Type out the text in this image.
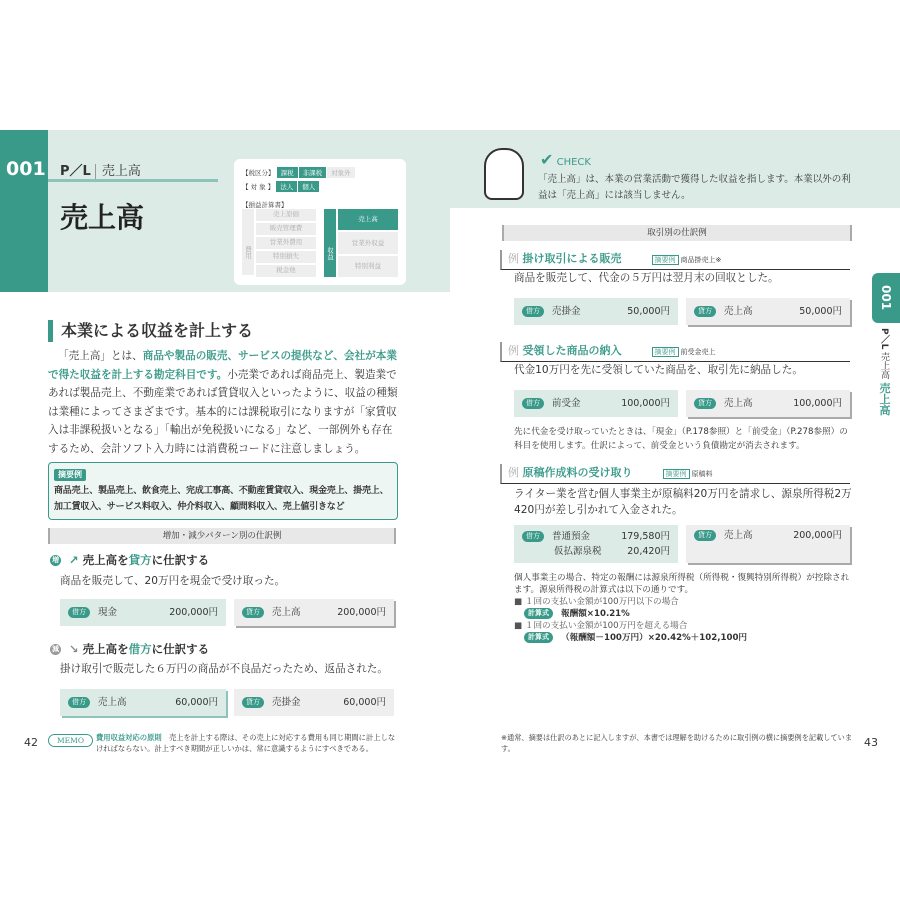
001 P／L 売上高
売上高
【税区分】 課税 非課税 対象外
【 対 象 】 法人 個人
【損益計算書】
費用
売上原価
販売管理費
営業外費用
特別損失
税金他
収益
売上高
営業外収益
特別利益
本業による収益を計上する
「売上高」とは、商品や製品の販売、サービスの提供など、会社が本業で得た収益を計上する勘定科目です。小売業であれば商品売上、製造業であれば製品売上、不動産業であれば賃貸収入といったように、収益の種類は業種によってさまざまです。基本的には課税取引になりますが「家賃収入は非課税扱いとなる」「輸出が免税扱いになる」など、一部例外も存在するため、会計ソフト入力時には消費税コードに注意しましょう。
摘要例
商品売上、製品売上、飲食売上、完成工事高、不動産賃貸収入、現金売上、掛売上、加工賃収入、サービス料収入、仲介料収入、顧問料収入、売上値引きなど
増加・減少パターン別の仕訳例
増 ↗ 売上高を貸方に仕訳する
商品を販売して、20万円を現金で受け取った。
借方 現金	200,000円	貸方 売上高	200,000円
減 ↘ 売上高を借方に仕訳する
掛け取引で販売した６万円の商品が不良品だったため、返品された。
借方 売上高	60,000円	貸方 売掛金	60,000円
42	MEMO	費用収益対応の原則　 売上を計上する際は、その売上に対応する費用も同じ期間に計上しなければならない。計上すべき期間が正しいかは、常に意識するようにすべきである。
✔ CHECK
「売上高」は、本業の営業活動で獲得した収益を指します。本業以外の利益は「売上高」には該当しません。
取引別の仕訳例
例 掛け取引による販売	摘要例 商品掛売上※
商品を販売して、代金の５万円は翌月末の回収とした。
借方 売掛金	50,000円	貸方 売上高	50,000円
例 受領した商品の納入	摘要例 前受金売上
代金10万円を先に受領していた商品を、取引先に納品した。
借方 前受金	100,000円	貸方 売上高	100,000円
先に代金を受け取っていたときは、「現金」（P.178参照）と「前受金」（P.278参照）の科目を使用します。仕訳によって、前受金という負債勘定が消去されます。
例 原稿作成料の受け取り	摘要例 原稿料
ライター業を営む個人事業主が原稿料20万円を請求し、源泉所得税2万420円が差し引かれて入金された。
借方 普通預金	179,580円

仮払源泉税	20,420円
貸方 売上高	200,000円
個人事業主の場合、特定の報酬には源泉所得税（所得税・復興特別所得税）が控除されます。源泉所得税の計算式は以下の通りです。
■ １回の支払い金額が100万円以下の場合
計算式 報酬額×10.21%
■ １回の支払い金額が100万円を超える場合
計算式 （報酬額－100万円）×20.42%＋102,100円
※通常、摘要は仕訳のあとに記入しますが、本書では理解を助けるために取引例の横に摘要例を記載しています。	43
001
P／L 売上高 売上高
